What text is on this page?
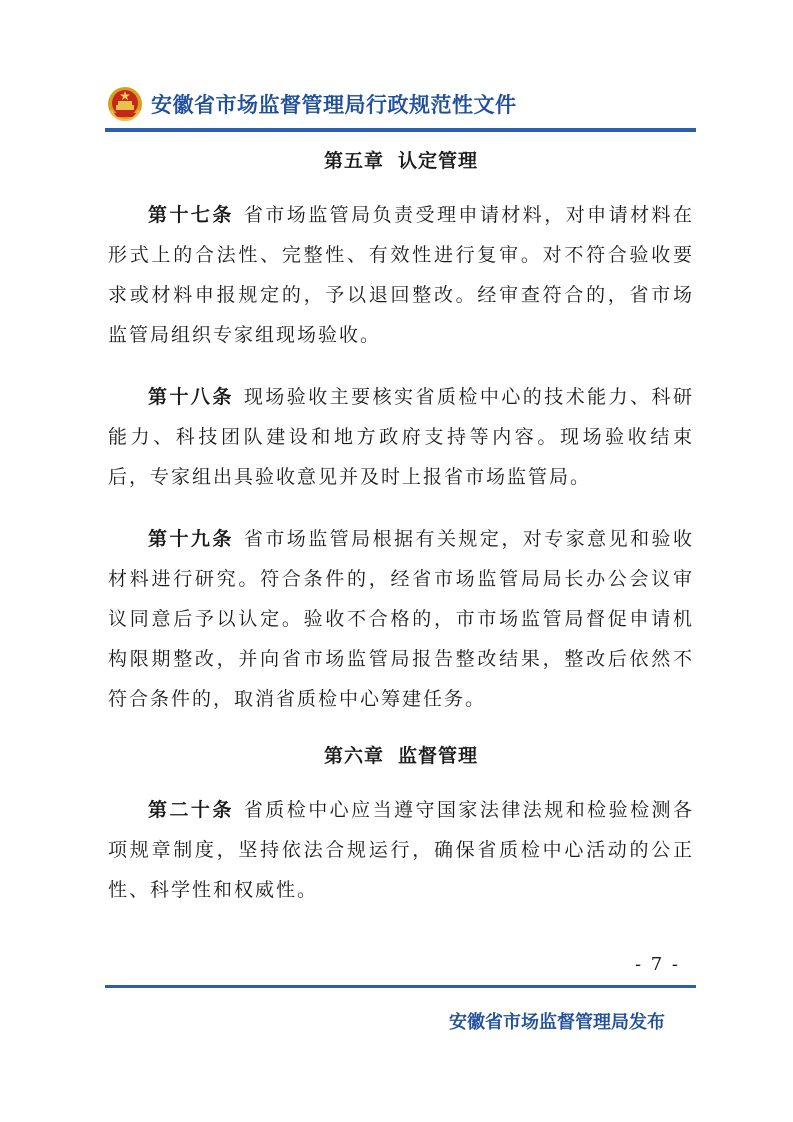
安徽省市场监督管理局行政规范性文件
第五章 认定管理

第十七条 省市场监管局负责受理申请材料，对申请材料在形式上的合法性、完整性、有效性进行复审。对不符合验收要求或材料申报规定的，予以退回整改。经审查符合的，省市场监管局组织专家组现场验收。

第十八条 现场验收主要核实省质检中心的技术能力、科研能力、科技团队建设和地方政府支持等内容。现场验收结束后，专家组出具验收意见并及时上报省市场监管局。

第十九条 省市场监管局根据有关规定，对专家意见和验收材料进行研究。符合条件的，经省市场监管局局长办公会议审议同意后予以认定。验收不合格的，市市场监管局督促申请机构限期整改，并向省市场监管局报告整改结果，整改后依然不符合条件的，取消省质检中心筹建任务。

第六章 监督管理

第二十条 省质检中心应当遵守国家法律法规和检验检测各项规章制度，坚持依法合规运行，确保省质检中心活动的公正性、科学性和权威性。

- 7 -
安徽省市场监督管理局发布
